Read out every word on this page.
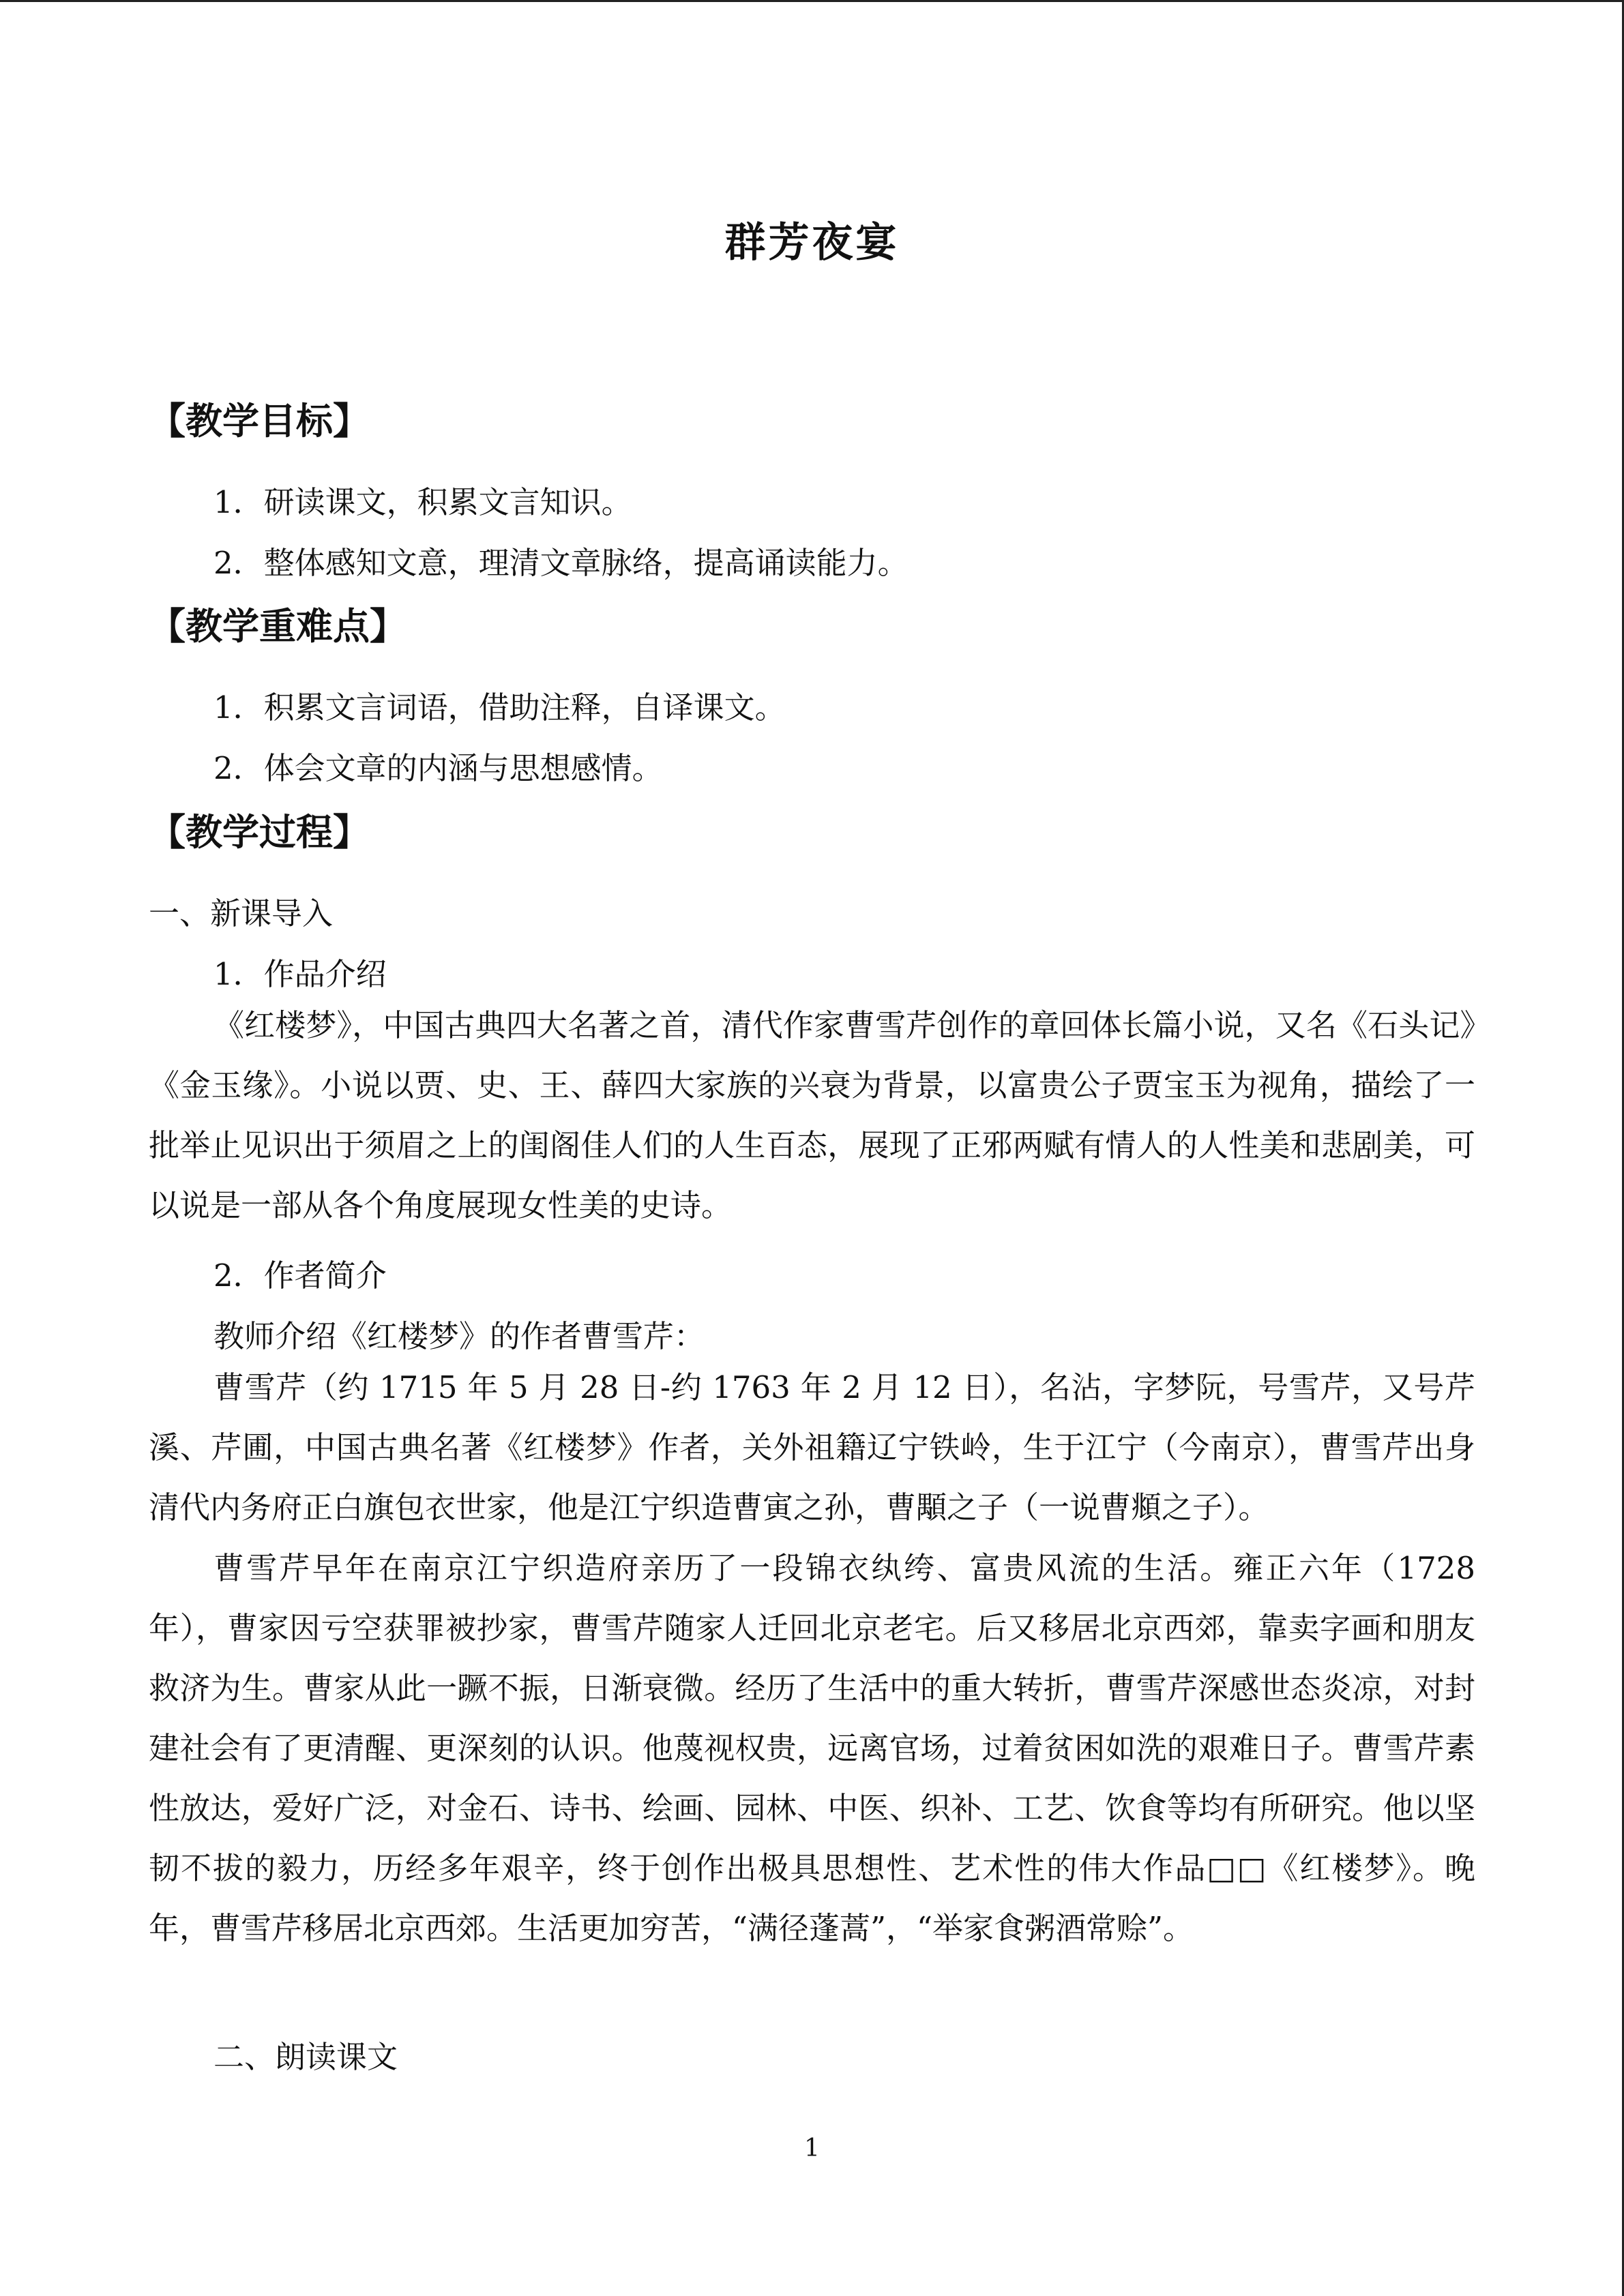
群芳夜宴
【教学目标】
1．研读课文，积累文言知识。
2．整体感知文意，理清文章脉络，提高诵读能力。
【教学重难点】
1．积累文言词语，借助注释，自译课文。
2．体会文章的内涵与思想感情。
【教学过程】
一、新课导入
1．作品介绍
《红楼梦》，中国古典四大名著之首，清代作家曹雪芹创作的章回体长篇小说，又名《石头记》《金玉缘》。小说以贾、史、王、薛四大家族的兴衰为背景，以富贵公子贾宝玉为视角，描绘了一批举止见识出于须眉之上的闺阁佳人们的人生百态，展现了正邪两赋有情人的人性美和悲剧美，可以说是一部从各个角度展现女性美的史诗。
2．作者简介
教师介绍《红楼梦》的作者曹雪芹：
曹雪芹（约 1715 年 5 月 28 日-约 1763 年 2 月 12 日），名沾，字梦阮，号雪芹，又号芹溪、芹圃，中国古典名著《红楼梦》作者，关外祖籍辽宁铁岭，生于江宁（今南京），曹雪芹出身清代内务府正白旗包衣世家，他是江宁织造曹寅之孙，曹顒之子（一说曹頫之子）。
曹雪芹早年在南京江宁织造府亲历了一段锦衣纨绔、富贵风流的生活。雍正六年（1728 年），曹家因亏空获罪被抄家，曹雪芹随家人迁回北京老宅。后又移居北京西郊，靠卖字画和朋友救济为生。曹家从此一蹶不振，日渐衰微。经历了生活中的重大转折，曹雪芹深感世态炎凉，对封建社会有了更清醒、更深刻的认识。他蔑视权贵，远离官场，过着贫困如洗的艰难日子。曹雪芹素性放达，爱好广泛，对金石、诗书、绘画、园林、中医、织补、工艺、饮食等均有所研究。他以坚韧不拔的毅力，历经多年艰辛，终于创作出极具思想性、艺术性的伟大作品□□《红楼梦》。晚年，曹雪芹移居北京西郊。生活更加穷苦，“满径蓬蒿”，“举家食粥酒常赊”。
二、朗读课文
1
